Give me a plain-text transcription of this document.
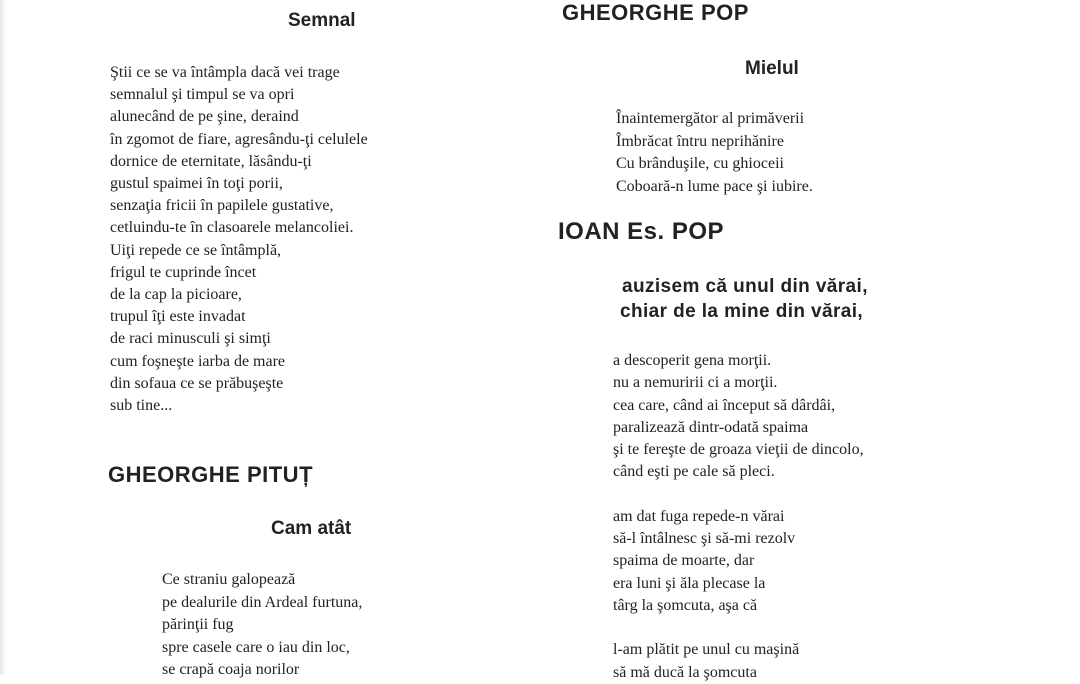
Semnal
Ştii ce se va întâmpla dacă vei trage
semnalul şi timpul se va opri
alunecând de pe şine, deraind
în zgomot de fiare, agresându-ţi celulele
dornice de eternitate, lăsându-ţi
gustul spaimei în toţi porii,
senzaţia fricii în papilele gustative,
cetluindu-te în clasoarele melancoliei.
Uiţi repede ce se întâmplă,
frigul te cuprinde încet
de la cap la picioare,
trupul îţi este invadat
de raci minusculi şi simţi
cum foşneşte iarba de mare
din sofaua ce se prăbuşeşte
sub tine...
GHEORGHE PITUȚ
Cam atât
Ce straniu galopează
pe dealurile din Ardeal furtuna,
părinţii fug
spre casele care o iau din loc,
se crapă coaja norilor
GHEORGHE POP
Mielul
Înaintemergător al primăverii
Îmbrăcat întru neprihănire
Cu brânduşile, cu ghioceii
Coboară-n lume pace şi iubire.
IOAN Es. POP
auzisem că unul din vărai,
chiar de la mine din vărai,
a descoperit gena morţii.
nu a nemuririi ci a morţii.
cea care, când ai început să dârdâi,
paralizează dintr-odată spaima
şi te fereşte de groaza vieţii de dincolo,
când eşti pe cale să pleci.
am dat fuga repede-n vărai
să-l întâlnesc şi să-mi rezolv
spaima de moarte, dar
era luni şi ăla plecase la
târg la şomcuta, aşa că
l-am plătit pe unul cu maşină
să mă ducă la şomcuta
